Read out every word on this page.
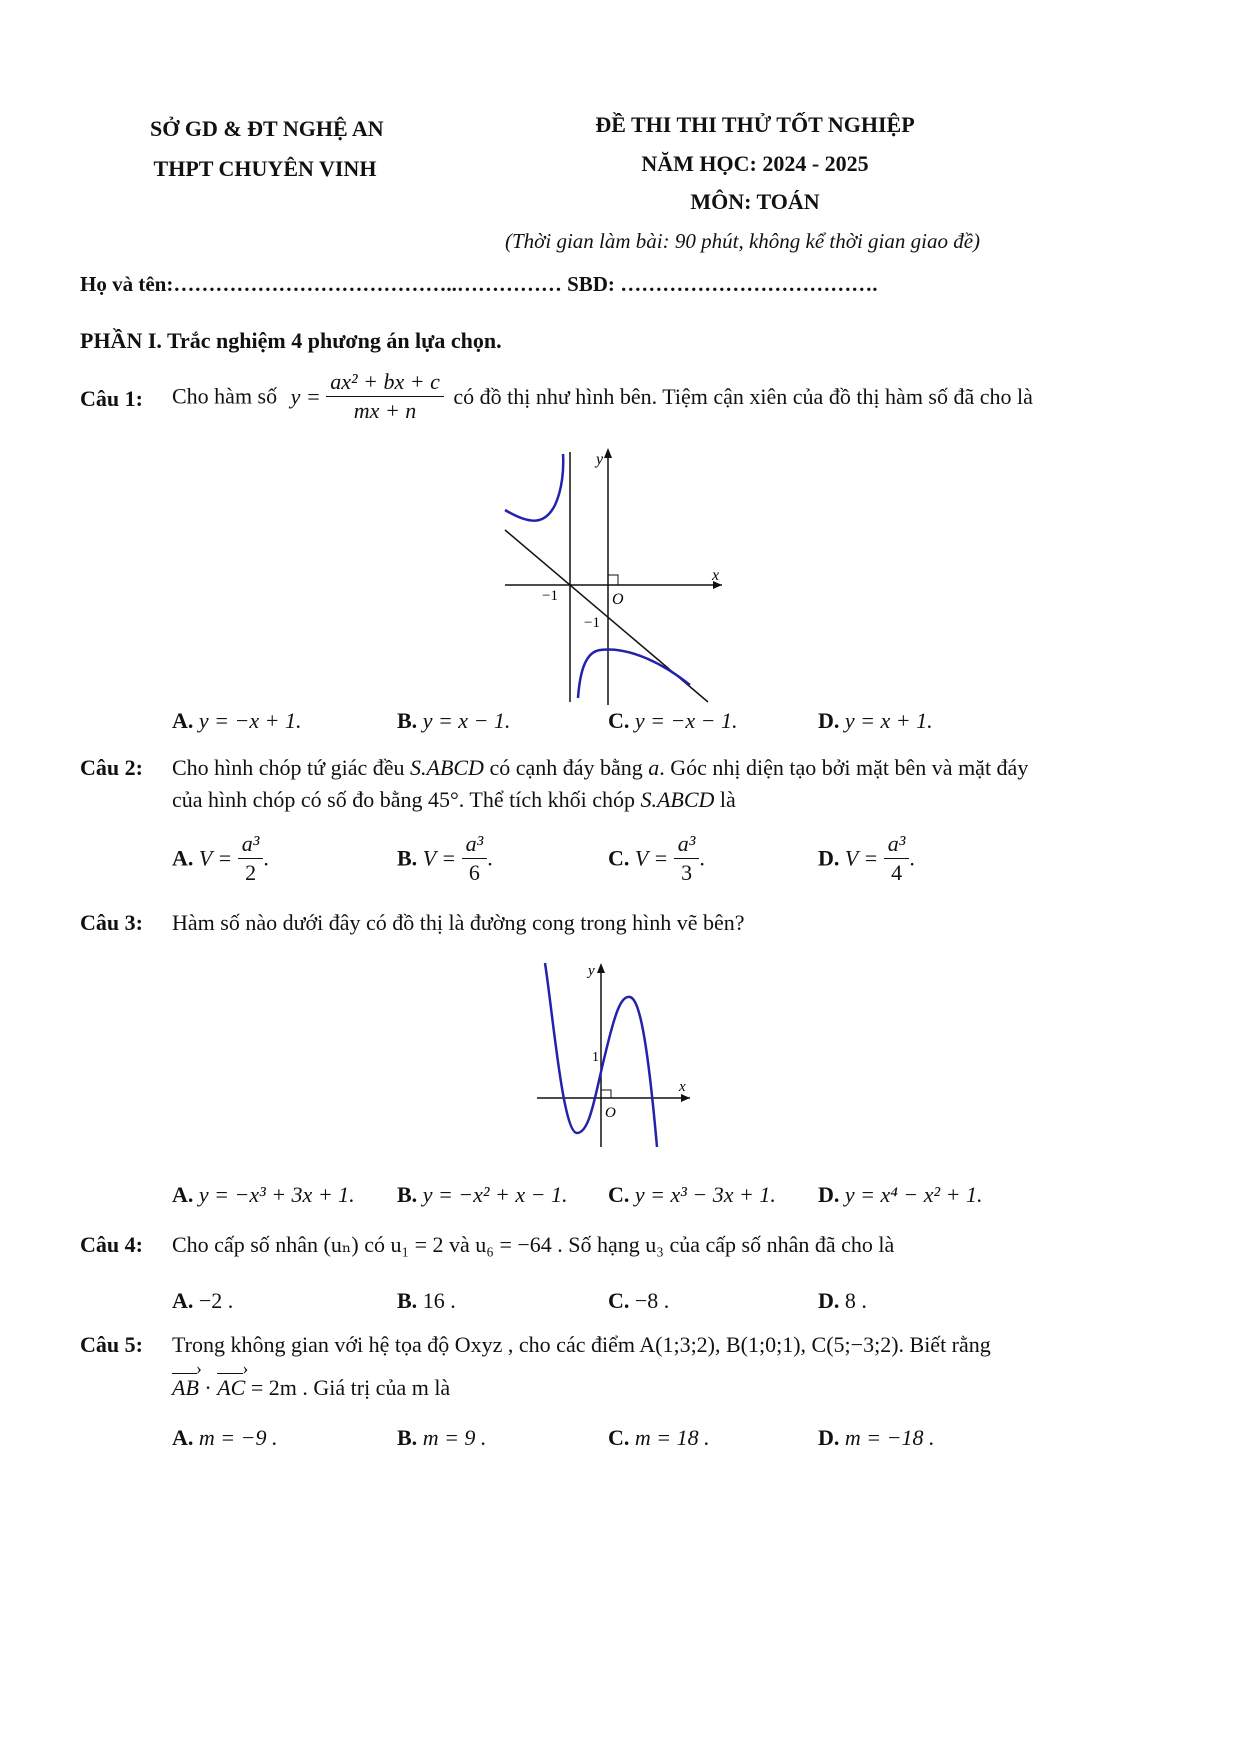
SỞ GD & ĐT NGHỆ AN
THPT CHUYÊN VINH
ĐỀ THI THI THỬ TỐT NGHIỆP
NĂM HỌC: 2024 - 2025
MÔN: TOÁN
(Thời gian làm bài: 90 phút, không kể thời gian giao đề)
Họ và tên:…………………………………..…………… SBD: ……………………………….
PHẦN I. Trắc nghiệm 4 phương án lựa chọn.
Câu 1: Cho hàm số $y = \frac{\text{ax² + bx + c}}{mx + n}$ có đồ thị như hình bên. Tiệm cận xiên của đồ thị hàm số đã cho là
y
x
O
−1
−1
A. y = −x + 1.	B. y = x − 1.	C. y = −x − 1.	D. y = x + 1.
Câu 2: Cho hình chóp tứ giác đều S.ABCD có cạnh đáy bằng a. Góc nhị diện tạo bởi mặt bên và mặt đáy
của hình chóp có số đo bằng 45°. Thể tích khối chóp S.ABCD là
A. $V = \frac{\text{a³}}{2}$ .	B. $V = \frac{\text{a³}}{6}$ .	C. $V = \frac{\text{a³}}{3}$ .	D. $V = \frac{\text{a³}}{4}$ .
Câu 3: Hàm số nào dưới đây có đồ thị là đường cong trong hình vẽ bên?
y
x
O
1
A. y = −x³ + 3x + 1. B. y = −x² + x − 1. C. y = x³ − 3x + 1. D. y = x⁴ − x² + 1.
Câu 4: Cho cấp số nhân (uₙ) có u₁ = 2 và u₆ = −64 . Số hạng u₃ của cấp số nhân đã cho là
A. −2 .	B. 16 .	C. −8 .	D. 8 .
Câu 5: Trong không gian với hệ tọa độ Oxyz , cho các điểm A(1;3;2), B(1;0;1), C(5;−3;2). Biết rằng
AB › · AC › = 2m . Giá trị của m là
A. m = −9 .	B. m = 9 .	C. m = 18 .	D. m = −18 .
